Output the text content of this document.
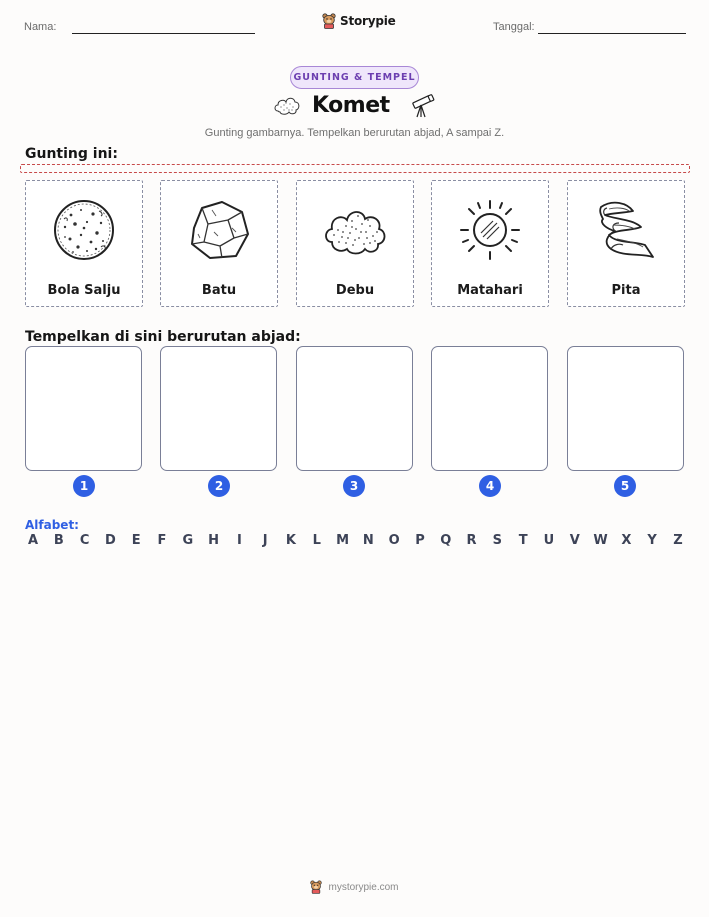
Nama:	Storypie	Tanggal:
GUNTING & TEMPEL
Komet
Gunting gambarnya. Tempelkan berurutan abjad, A sampai Z.
Gunting ini:
Bola Salju	Batu	Debu	Matahari	Pita
Tempelkan di sini berurutan abjad:
1	2	3	4	5
Alfabet:
A B C D E F G H	I	J	K L M N O P Q R S T U V W X Y Z
mystorypie.com
